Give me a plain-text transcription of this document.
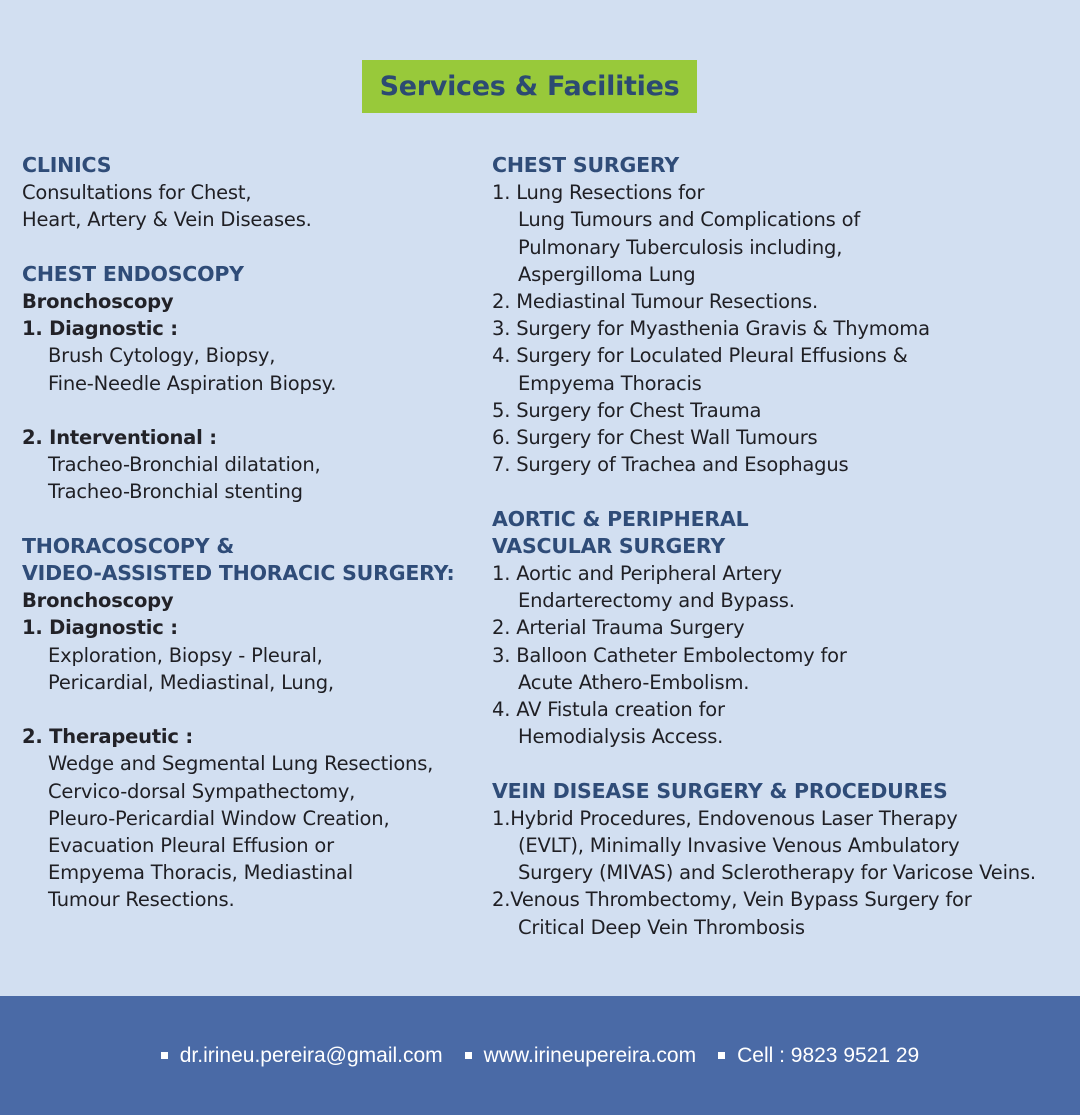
Services & Facilities
CLINICS
Consultations for Chest,
Heart, Artery & Vein Diseases.
CHEST ENDOSCOPY
Bronchoscopy
1. Diagnostic :
Brush Cytology, Biopsy,
Fine-Needle Aspiration Biopsy.
2. Interventional :
Tracheo-Bronchial dilatation,
Tracheo-Bronchial stenting
THORACOSCOPY &
VIDEO-ASSISTED THORACIC SURGERY:
Bronchoscopy
1. Diagnostic :
Exploration, Biopsy - Pleural,
Pericardial, Mediastinal, Lung,
2. Therapeutic :
Wedge and Segmental Lung Resections,
Cervico-dorsal Sympathectomy,
Pleuro-Pericardial Window Creation,
Evacuation Pleural Effusion or
Empyema Thoracis, Mediastinal
Tumour Resections.
CHEST SURGERY
1. Lung Resections for
Lung Tumours and Complications of
Pulmonary Tuberculosis including,
Aspergilloma Lung
2. Mediastinal Tumour Resections.
3. Surgery for Myasthenia Gravis & Thymoma
4. Surgery for Loculated Pleural Effusions &
Empyema Thoracis
5. Surgery for Chest Trauma
6. Surgery for Chest Wall Tumours
7. Surgery of Trachea and Esophagus
AORTIC & PERIPHERAL
VASCULAR SURGERY
1. Aortic and Peripheral Artery
Endarterectomy and Bypass.
2. Arterial Trauma Surgery
3. Balloon Catheter Embolectomy for
Acute Athero-Embolism.
4. AV Fistula creation for
Hemodialysis Access.
VEIN DISEASE SURGERY & PROCEDURES
1.Hybrid Procedures, Endovenous Laser Therapy
(EVLT), Minimally Invasive Venous Ambulatory
Surgery (MIVAS) and Sclerotherapy for Varicose Veins.
2.Venous Thrombectomy, Vein Bypass Surgery for
Critical Deep Vein Thrombosis
dr.irineu.pereira@gmail.com www.irineupereira.com Cell : 9823 9521 29
